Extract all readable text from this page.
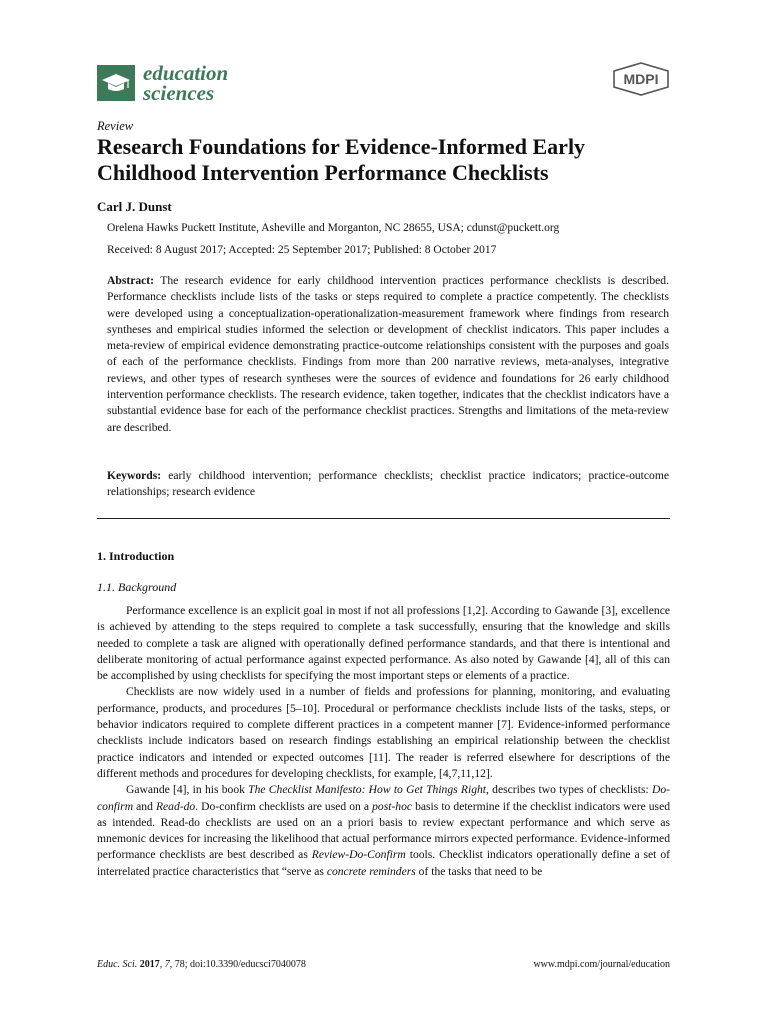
education
sciences
MDPI
Review
Research Foundations for Evidence-Informed Early Childhood Intervention Performance Checklists
Carl J. Dunst
Orelena Hawks Puckett Institute, Asheville and Morganton, NC 28655, USA; cdunst@puckett.org
Received: 8 August 2017; Accepted: 25 September 2017; Published: 8 October 2017

Abstract: The research evidence for early childhood intervention practices performance checklists is described. Performance checklists include lists of the tasks or steps required to complete a practice competently. The checklists were developed using a conceptualization-operationalization-measurement framework where findings from research syntheses and empirical studies informed the selection or development of checklist indicators. This paper includes a meta-review of empirical evidence demonstrating practice-outcome relationships consistent with the purposes and goals of each of the performance checklists. Findings from more than 200 narrative reviews, meta-analyses, integrative reviews, and other types of research syntheses were the sources of evidence and foundations for 26 early childhood intervention performance checklists. The research evidence, taken together, indicates that the checklist indicators have a substantial evidence base for each of the performance checklist practices. Strengths and limitations of the meta-review are described.

Keywords: early childhood intervention; performance checklists; checklist practice indicators; practice-outcome relationships; research evidence

1. Introduction
1.1. Background

Performance excellence is an explicit goal in most if not all professions [1,2]. According to Gawande [3], excellence is achieved by attending to the steps required to complete a task successfully, ensuring that the knowledge and skills needed to complete a task are aligned with operationally defined performance standards, and that there is intentional and deliberate monitoring of actual performance against expected performance. As also noted by Gawande [4], all of this can be accomplished by using checklists for specifying the most important steps or elements of a practice.

Checklists are now widely used in a number of fields and professions for planning, monitoring, and evaluating performance, products, and procedures [5–10]. Procedural or performance checklists include lists of the tasks, steps, or behavior indicators required to complete different practices in a competent manner [7]. Evidence-informed performance checklists include indicators based on research findings establishing an empirical relationship between the checklist practice indicators and intended or expected outcomes [11]. The reader is referred elsewhere for descriptions of the different methods and procedures for developing checklists, for example, [4,7,11,12].

Gawande [4], in his book The Checklist Manifesto: How to Get Things Right, describes two types of checklists: Do-confirm and Read-do. Do-confirm checklists are used on a post-hoc basis to determine if the checklist indicators were used as intended. Read-do checklists are used on an a priori basis to review expectant performance and which serve as mnemonic devices for increasing the likelihood that actual performance mirrors expected performance. Evidence-informed performance checklists are best described as Review-Do-Confirm tools. Checklist indicators operationally define a set of interrelated practice characteristics that “serve as concrete reminders of the tasks that need to be

Educ. Sci. 2017, 7, 78; doi:10.3390/educsci7040078	www.mdpi.com/journal/education
